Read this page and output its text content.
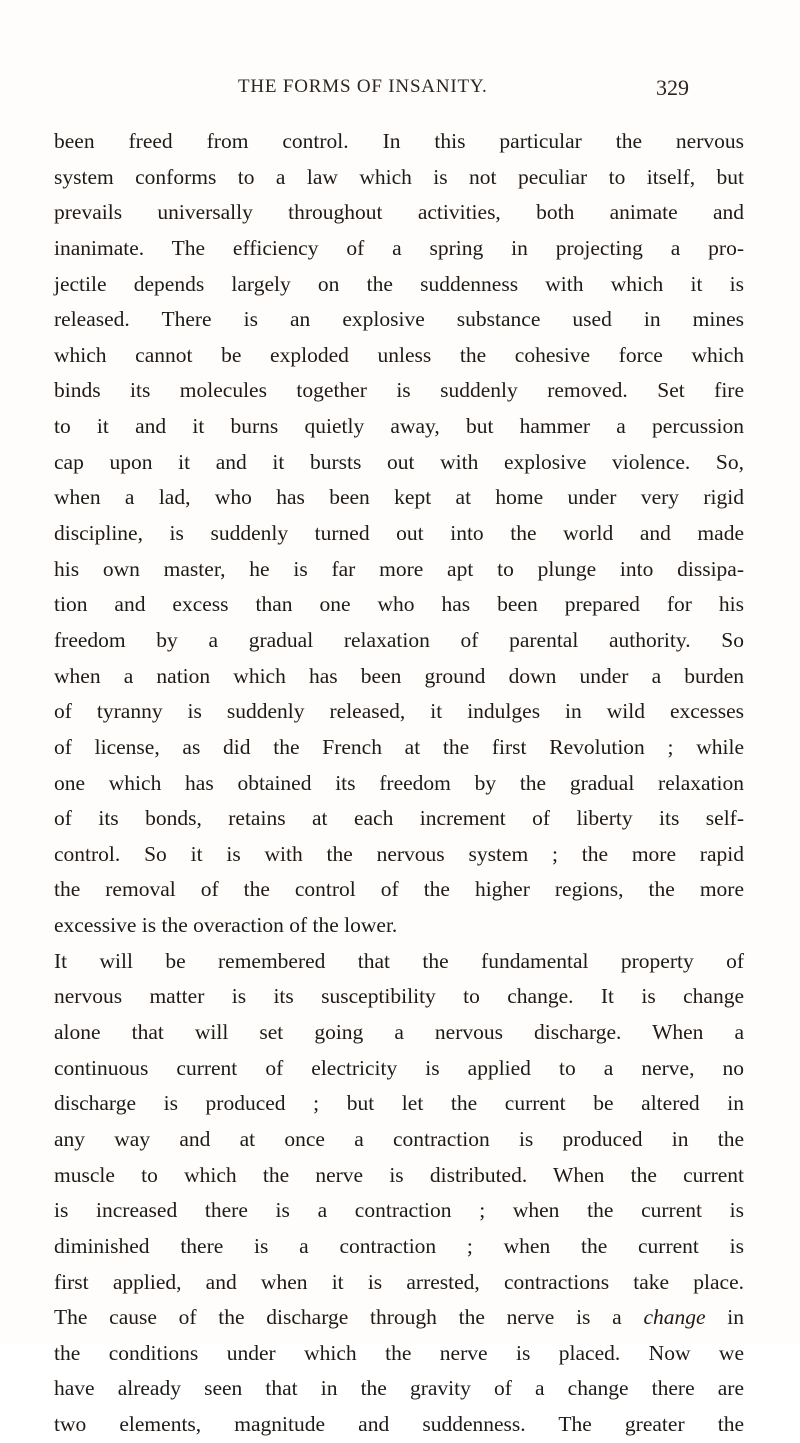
THE FORMS OF INSANITY.	329
been freed from control. In this particular the nervous
system conforms to a law which is not peculiar to itself, but
prevails universally throughout activities, both animate and
inanimate. The efficiency of a spring in projecting a pro-
jectile depends largely on the suddenness with which it is
released. There is an explosive substance used in mines
which cannot be exploded unless the cohesive force which
binds its molecules together is suddenly removed. Set fire
to it and it burns quietly away, but hammer a percussion
cap upon it and it bursts out with explosive violence. So,
when a lad, who has been kept at home under very rigid
discipline, is suddenly turned out into the world and made
his own master, he is far more apt to plunge into dissipa-
tion and excess than one who has been prepared for his
freedom by a gradual relaxation of parental authority. So
when a nation which has been ground down under a burden
of tyranny is suddenly released, it indulges in wild excesses
of license, as did the French at the first Revolution ; while
one which has obtained its freedom by the gradual relaxation
of its bonds, retains at each increment of liberty its self-
control. So it is with the nervous system ; the more rapid
the removal of the control of the higher regions, the more
excessive is the overaction of the lower.
It will be remembered that the fundamental property of
nervous matter is its susceptibility to change. It is change
alone that will set going a nervous discharge. When a
continuous current of electricity is applied to a nerve, no
discharge is produced ; but let the current be altered in
any way and at once a contraction is produced in the
muscle to which the nerve is distributed. When the current
is increased there is a contraction ; when the current is
diminished there is a contraction ; when the current is
first applied, and when it is arrested, contractions take place.
The cause of the discharge through the nerve is a change in
the conditions under which the nerve is placed. Now we
have already seen that in the gravity of a change there are
two elements, magnitude and suddenness. The greater the
